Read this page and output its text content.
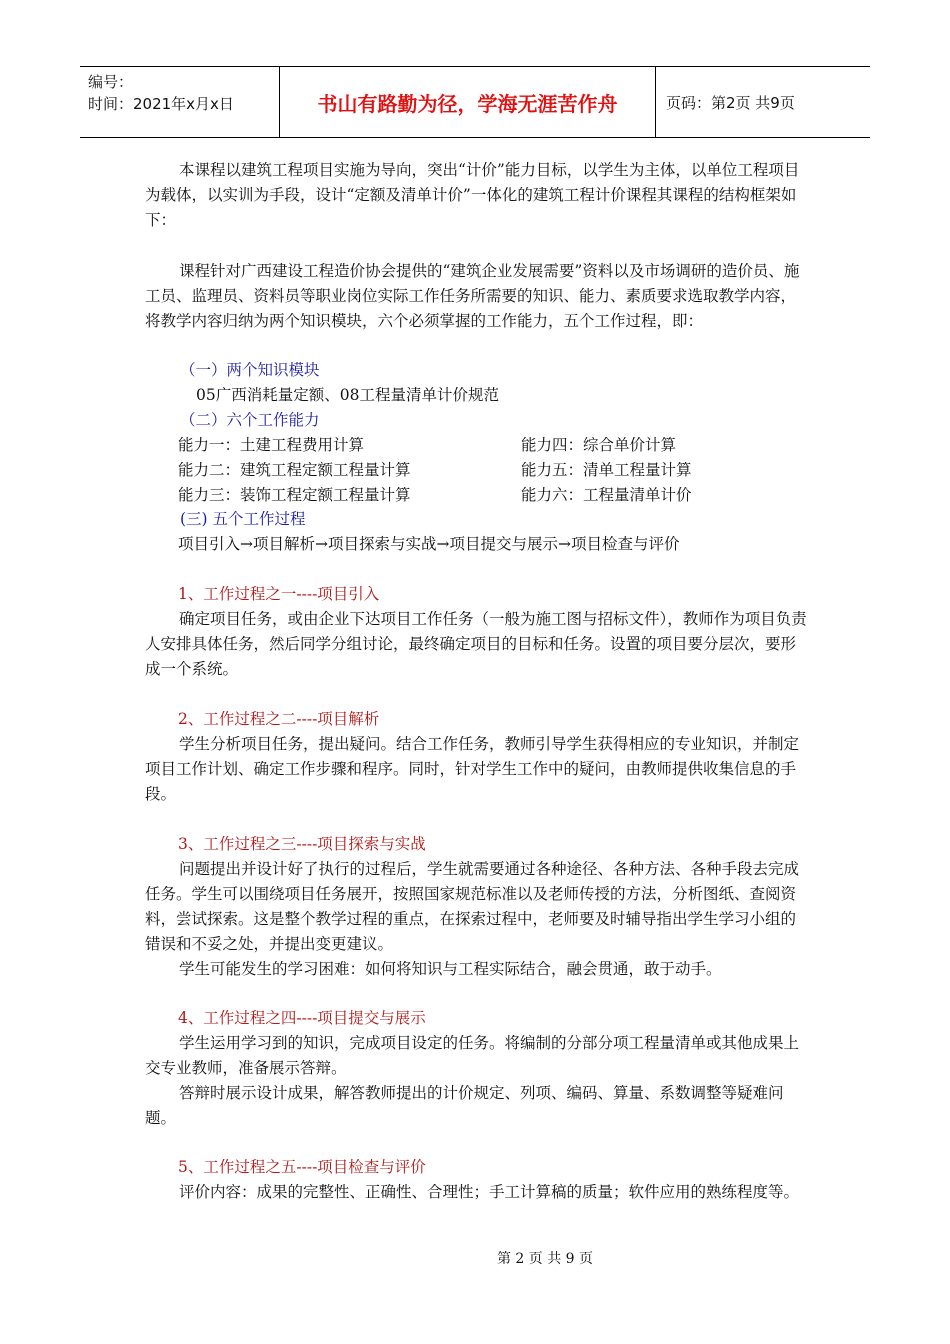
编号：
时间：2021年x月x日	书山有路勤为径，学海无涯苦作舟	页码：第2页 共9页

本课程以建筑工程项目实施为导向，突出“计价”能力目标，以学生为主体，以单位工程项目为载体，以实训为手段，设计“定额及清单计价”一体化的建筑工程计价课程其课程的结构框架如下：

课程针对广西建设工程造价协会提供的“建筑企业发展需要”资料以及市场调研的造价员、施工员、监理员、资料员等职业岗位实际工作任务所需要的知识、能力、素质要求选取教学内容，将教学内容归纳为两个知识模块，六个必须掌握的工作能力，五个工作过程，即：

（一）两个知识模块
05广西消耗量定额、08工程量清单计价规范
（二）六个工作能力
能力一：土建工程费用计算	能力四：综合单价计算
能力二：建筑工程定额工程量计算	能力五：清单工程量计算
能力三：装饰工程定额工程量计算	能力六：工程量清单计价
(三) 五个工作过程
项目引入→项目解析→项目探索与实战→项目提交与展示→项目检查与评价
1、工作过程之一----项目引入

确定项目任务，或由企业下达项目工作任务（一般为施工图与招标文件），教师作为项目负责人安排具体任务，然后同学分组讨论，最终确定项目的目标和任务。设置的项目要分层次，要形成一个系统。

2、工作过程之二----项目解析

学生分析项目任务，提出疑问。结合工作任务，教师引导学生获得相应的专业知识，并制定项目工作计划、确定工作步骤和程序。同时，针对学生工作中的疑问，由教师提供收集信息的手段。

3、工作过程之三----项目探索与实战

问题提出并设计好了执行的过程后，学生就需要通过各种途径、各种方法、各种手段去完成任务。学生可以围绕项目任务展开，按照国家规范标准以及老师传授的方法，分析图纸、查阅资料，尝试探索。这是整个教学过程的重点，在探索过程中，老师要及时辅导指出学生学习小组的错误和不妥之处，并提出变更建议。

学生可能发生的学习困难：如何将知识与工程实际结合，融会贯通，敢于动手。

4、工作过程之四----项目提交与展示

学生运用学习到的知识，完成项目设定的任务。将编制的分部分项工程量清单或其他成果上交专业教师，准备展示答辩。

答辩时展示设计成果，解答教师提出的计价规定、列项、编码、算量、系数调整等疑难问题。

5、工作过程之五----项目检查与评价

评价内容：成果的完整性、正确性、合理性；手工计算稿的质量；软件应用的熟练程度等。

第 2 页 共 9 页
